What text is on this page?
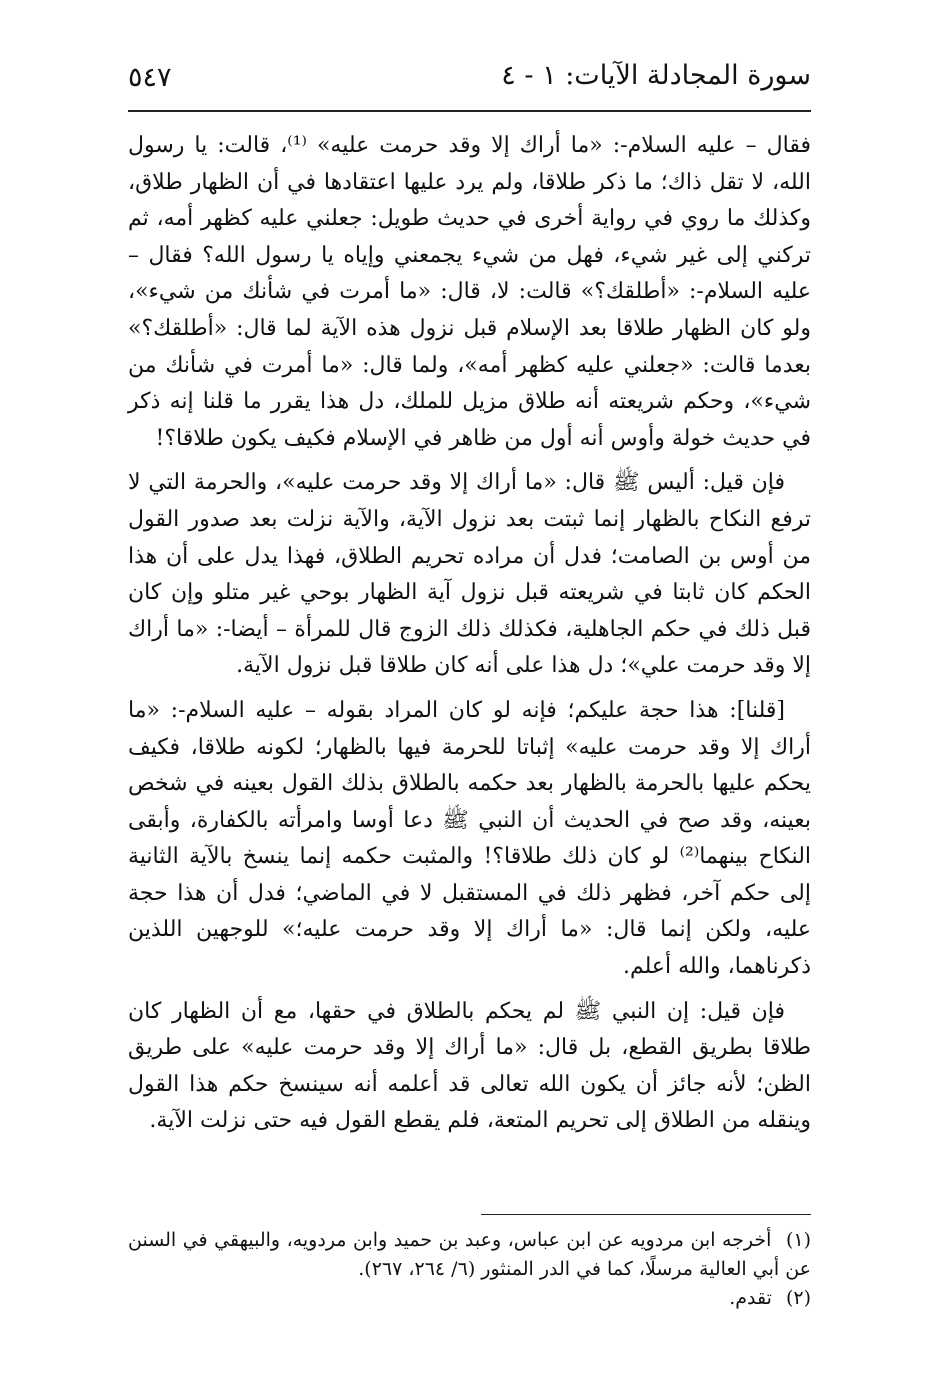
سورة المجادلة الآيات: ١ - ٤
٥٤٧

فقال – عليه السلام-: «ما أراك إلا وقد حرمت عليه» ⁽¹⁾، قالت: يا رسول الله، لا تقل ذاك؛ ما ذكر طلاقا، ولم يرد عليها اعتقادها في أن الظهار طلاق، وكذلك ما روي في رواية أخرى في حديث طويل: جعلني عليه كظهر أمه، ثم تركني إلى غير شيء، فهل من شيء يجمعني وإياه يا رسول الله؟ فقال – عليه السلام-: «أطلقك؟» قالت: لا، قال: «ما أمرت في شأنك من شيء»، ولو كان الظهار طلاقا بعد الإسلام قبل نزول هذه الآية لما قال: «أطلقك؟» بعدما قالت: «جعلني عليه كظهر أمه»، ولما قال: «ما أمرت في شأنك من شيء»، وحكم شريعته أنه طلاق مزيل للملك، دل هذا يقرر ما قلنا إنه ذكر في حديث خولة وأوس أنه أول من ظاهر في الإسلام فكيف يكون طلاقا؟!

فإن قيل: أليس ﷺ قال: «ما أراك إلا وقد حرمت عليه»، والحرمة التي لا ترفع النكاح بالظهار إنما ثبتت بعد نزول الآية، والآية نزلت بعد صدور القول من أوس بن الصامت؛ فدل أن مراده تحريم الطلاق، فهذا يدل على أن هذا الحكم كان ثابتا في شريعته قبل نزول آية الظهار بوحي غير متلو وإن كان قبل ذلك في حكم الجاهلية، فكذلك ذلك الزوج قال للمرأة – أيضا-: «ما أراك إلا وقد حرمت علي»؛ دل هذا على أنه كان طلاقا قبل نزول الآية.

[قلنا]: هذا حجة عليكم؛ فإنه لو كان المراد بقوله – عليه السلام-: «ما أراك إلا وقد حرمت عليه» إثباتا للحرمة فيها بالظهار؛ لكونه طلاقا، فكيف يحكم عليها بالحرمة بالظهار بعد حكمه بالطلاق بذلك القول بعينه في شخص بعينه، وقد صح في الحديث أن النبي ﷺ دعا أوسا وامرأته بالكفارة، وأبقى النكاح بينهما⁽²⁾ لو كان ذلك طلاقا؟! والمثبت حكمه إنما ينسخ بالآية الثانية إلى حكم آخر، فظهر ذلك في المستقبل لا في الماضي؛ فدل أن هذا حجة عليه، ولكن إنما قال: «ما أراك إلا وقد حرمت عليه؛» للوجهين اللذين ذكرناهما، والله أعلم.

فإن قيل: إن النبي ﷺ لم يحكم بالطلاق في حقها، مع أن الظهار كان طلاقا بطريق القطع، بل قال: «ما أراك إلا وقد حرمت عليه» على طريق الظن؛ لأنه جائز أن يكون الله تعالى قد أعلمه أنه سينسخ حكم هذا القول وينقله من الطلاق إلى تحريم المتعة، فلم يقطع القول فيه حتى نزلت الآية.

(١) أخرجه ابن مردويه عن ابن عباس، وعبد بن حميد وابن مردويه، والبيهقي في السنن عن أبي العالية مرسلًا، كما في الدر المنثور (٦/ ٢٦٤، ٢٦٧).

(٢) تقدم.
